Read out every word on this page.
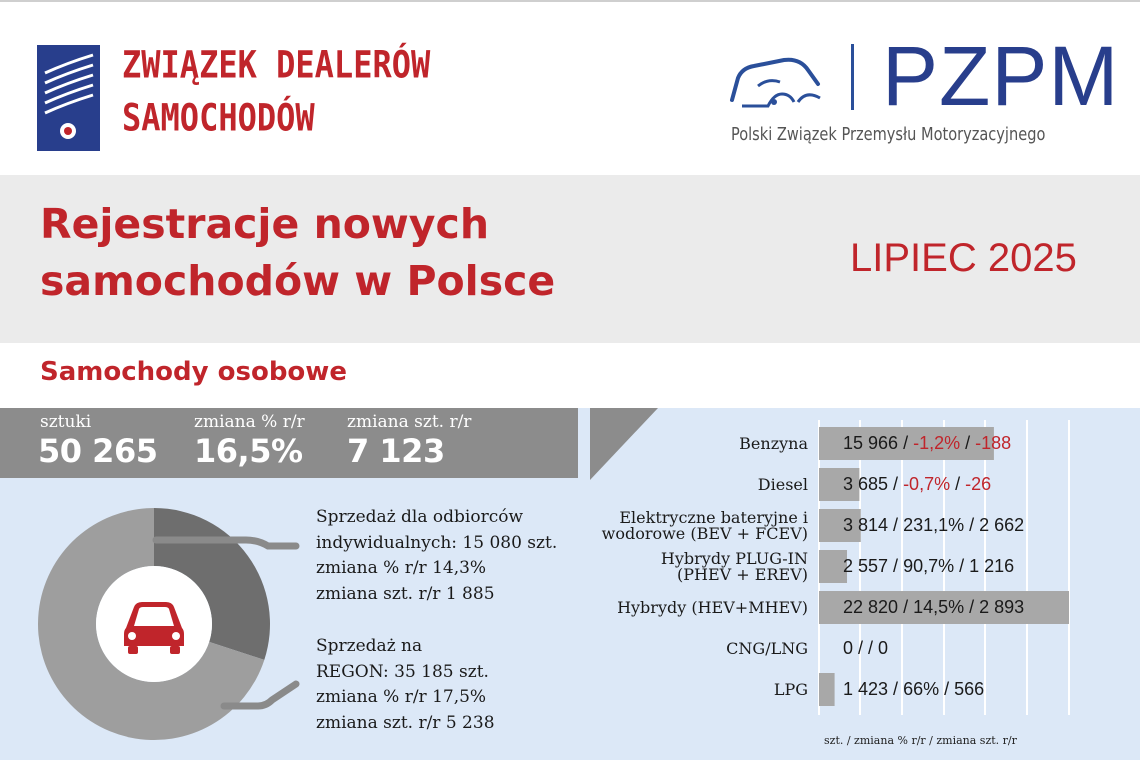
ZWIĄZEK DEALERÓW
SAMOCHODÓW	PZPM
Polski Związek Przemysłu Motoryzacyjnego
Rejestracje nowych
samochodów w Polsce	LIPIEC 2025
Samochody osobowe
sztuki
50 265
zmiana % r/r
16,5%
zmiana szt. r/r
7 123
Sprzedaż dla odbiorców
indywidualnych: 15 080 szt.
zmiana % r/r 14,3%
zmiana szt. r/r 1 885
Sprzedaż na
REGON: 35 185 szt.
zmiana % r/r 17,5%
zmiana szt. r/r 5 238
Benzyna 15 966 / -1,2% / -188
Diesel 3 685 / -0,7% / -26
Elektryczne bateryjne i
wodorowe (BEV + FCEV) 3 814 / 231,1% / 2 662
Hybrydy PLUG-IN
(PHEV + EREV) 2 557 / 90,7% / 1 216
Hybrydy (HEV+MHEV) 22 820 / 14,5% / 2 893
CNG/LNG 0 / / 0
LPG 1 423 / 66% / 566
szt. / zmiana % r/r / zmiana szt. r/r
